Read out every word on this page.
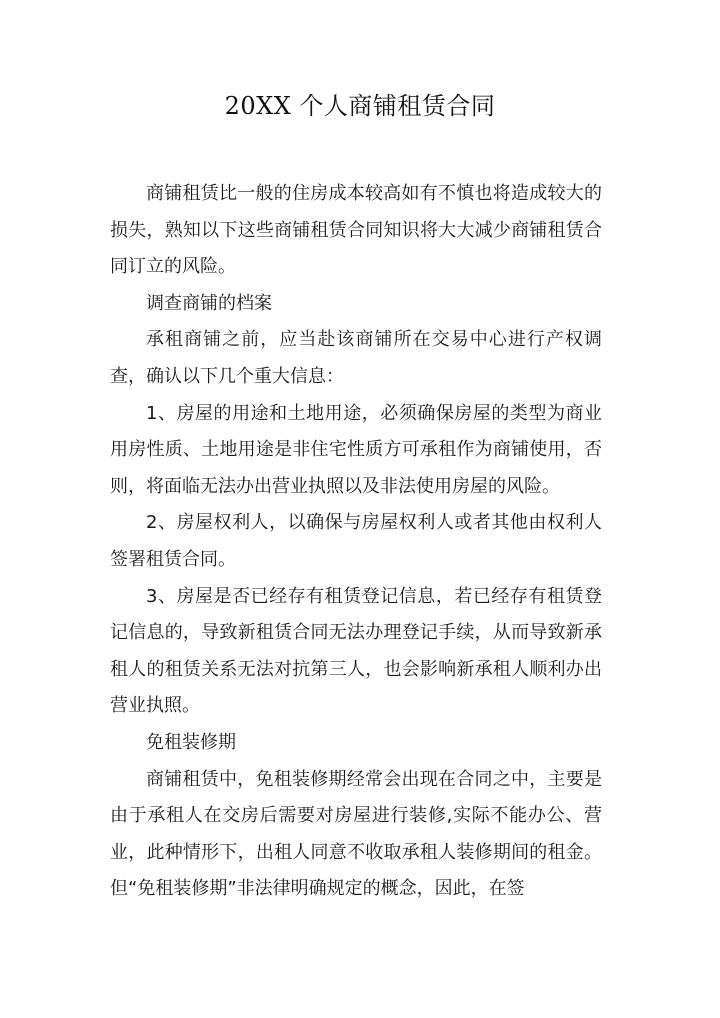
20XX 个人商铺租赁合同

商铺租赁比一般的住房成本较高如有不慎也将造成较大的损失，熟知以下这些商铺租赁合同知识将大大减少商铺租赁合同订立的风险。

调查商铺的档案

承租商铺之前，应当赴该商铺所在交易中心进行产权调查，确认以下几个重大信息：

1、房屋的用途和土地用途，必须确保房屋的类型为商业用房性质、土地用途是非住宅性质方可承租作为商铺使用，否则，将面临无法办出营业执照以及非法使用房屋的风险。

2、房屋权利人，以确保与房屋权利人或者其他由权利人签署租赁合同。

3、房屋是否已经存有租赁登记信息，若已经存有租赁登记信息的，导致新租赁合同无法办理登记手续，从而导致新承租人的租赁关系无法对抗第三人，也会影响新承租人顺利办出营业执照。

免租装修期

商铺租赁中，免租装修期经常会出现在合同之中，主要是由于承租人在交房后需要对房屋进行装修,实际不能办公、营业，此种情形下，出租人同意不收取承租人装修期间的租金。但“免租装修期”非法律明确规定的概念，因此，在签
